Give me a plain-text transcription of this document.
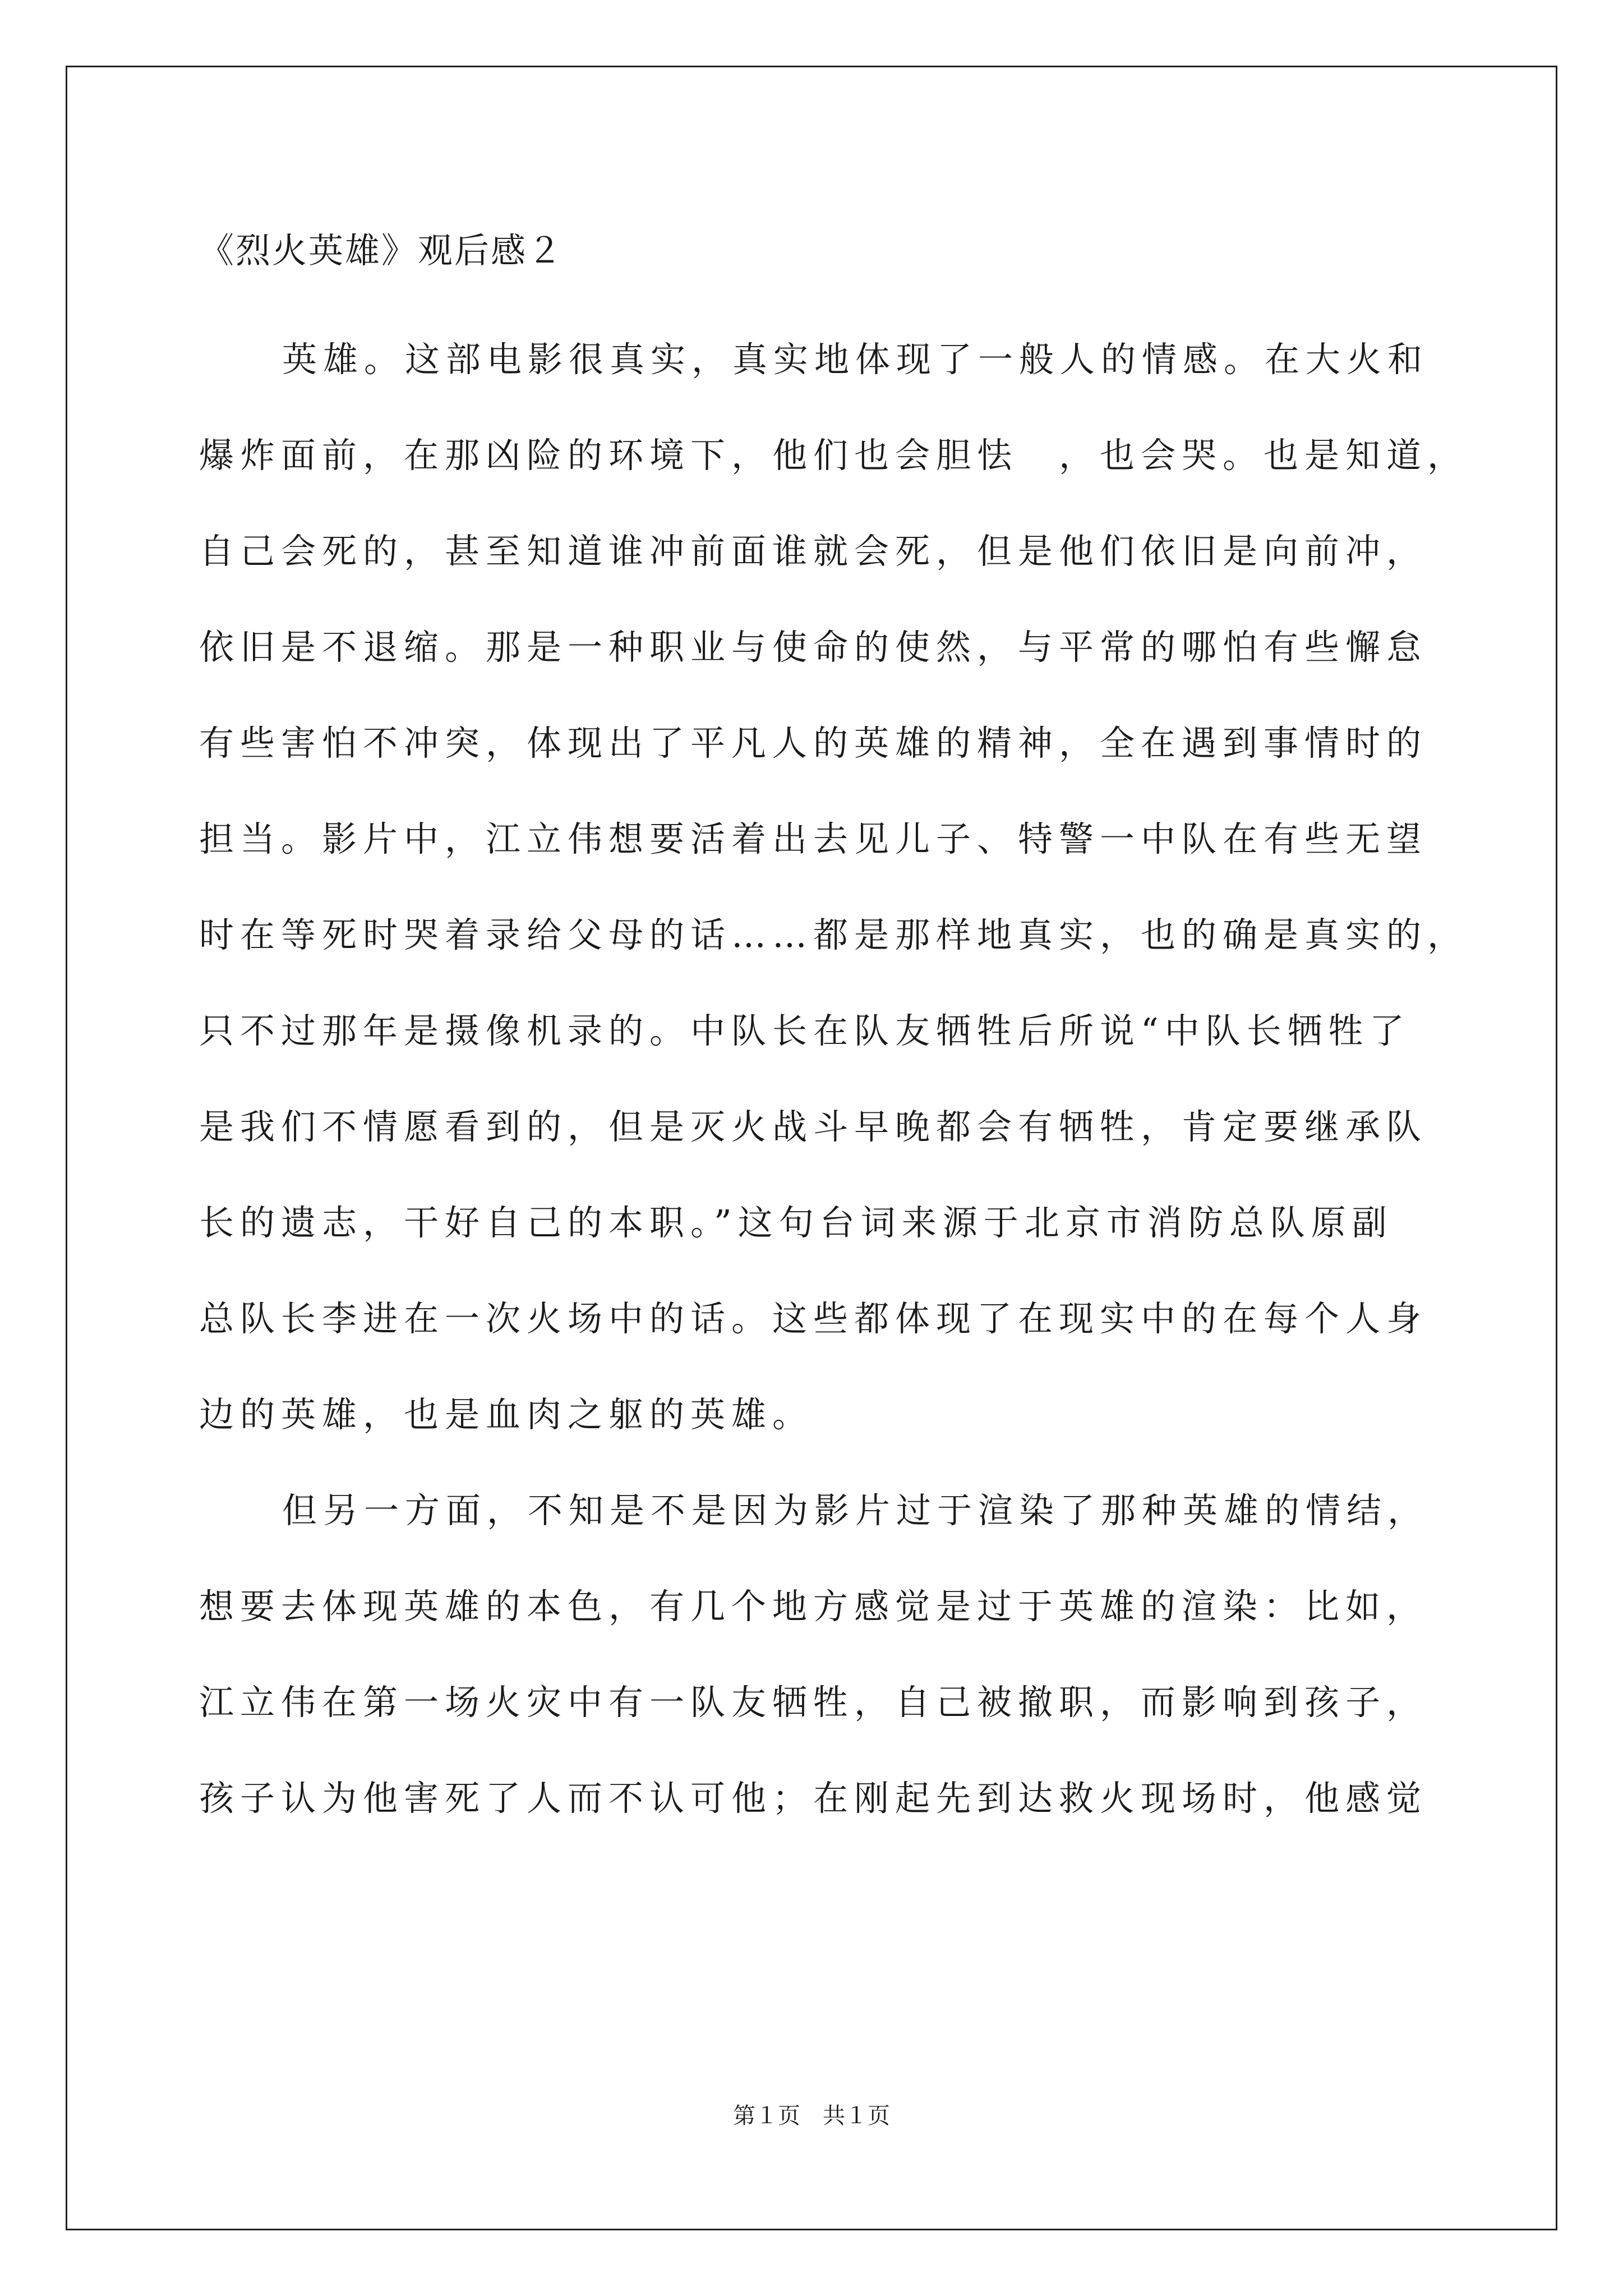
《烈火英雄》观后感２
英雄。这部电影很真实，真实地体现了一般人的情感。在大火和
爆炸面前，在那凶险的环境下，他们也会胆怯　，也会哭。也是知道，
自己会死的，甚至知道谁冲前面谁就会死，但是他们依旧是向前冲，
依旧是不退缩。那是一种职业与使命的使然，与平常的哪怕有些懈怠
有些害怕不冲突，体现出了平凡人的英雄的精神，全在遇到事情时的
担当。影片中，江立伟想要活着出去见儿子、特警一中队在有些无望
时在等死时哭着录给父母的话……都是那样地真实，也的确是真实的，
只不过那年是摄像机录的。中队长在队友牺牲后所说“中队长牺牲了
是我们不情愿看到的，但是灭火战斗早晚都会有牺牲，肯定要继承队
长的遗志，干好自己的本职。”这句台词来源于北京市消防总队原副
总队长李进在一次火场中的话。这些都体现了在现实中的在每个人身
边的英雄，也是血肉之躯的英雄。
但另一方面，不知是不是因为影片过于渲染了那种英雄的情结，
想要去体现英雄的本色，有几个地方感觉是过于英雄的渲染：比如，
江立伟在第一场火灾中有一队友牺牲，自己被撤职，而影响到孩子，
孩子认为他害死了人而不认可他；在刚起先到达救火现场时，他感觉
第１页　共１页
